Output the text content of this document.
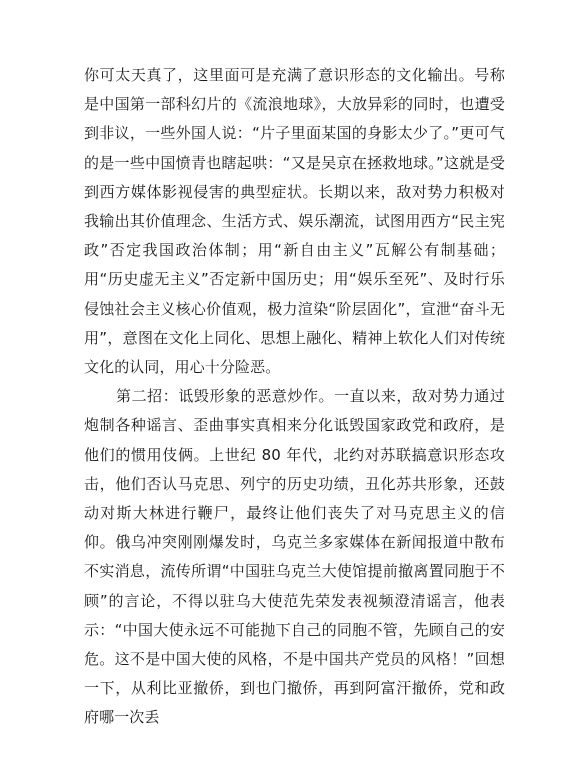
你可太天真了，这里面可是充满了意识形态的文化输出。号称是中国第一部科幻片的《流浪地球》，大放异彩的同时，也遭受到非议，一些外国人说：“片子里面某国的身影太少了。”更可气的是一些中国愤青也瞎起哄：“又是吴京在拯救地球。”这就是受到西方媒体影视侵害的典型症状。长期以来，敌对势力积极对我输出其价值理念、生活方式、娱乐潮流，试图用西方“民主宪政”否定我国政治体制；用“新自由主义”瓦解公有制基础；用“历史虚无主义”否定新中国历史；用“娱乐至死”、及时行乐侵蚀社会主义核心价值观，极力渲染“阶层固化”，宣泄“奋斗无用”，意图在文化上同化、思想上融化、精神上软化人们对传统文化的认同，用心十分险恶。

第二招：诋毁形象的恶意炒作。一直以来，敌对势力通过炮制各种谣言、歪曲事实真相来分化诋毁国家政党和政府，是他们的惯用伎俩。上世纪 80 年代，北约对苏联搞意识形态攻击，他们否认马克思、列宁的历史功绩，丑化苏共形象，还鼓动对斯大林进行鞭尸，最终让他们丧失了对马克思主义的信仰。俄乌冲突刚刚爆发时，乌克兰多家媒体在新闻报道中散布不实消息，流传所谓“中国驻乌克兰大使馆提前撤离置同胞于不顾”的言论，不得以驻乌大使范先荣发表视频澄清谣言，他表示：“中国大使永远不可能抛下自己的同胞不管，先顾自己的安危。这不是中国大使的风格，不是中国共产党员的风格！”回想一下，从利比亚撤侨，到也门撤侨，再到阿富汗撤侨，党和政府哪一次丢
